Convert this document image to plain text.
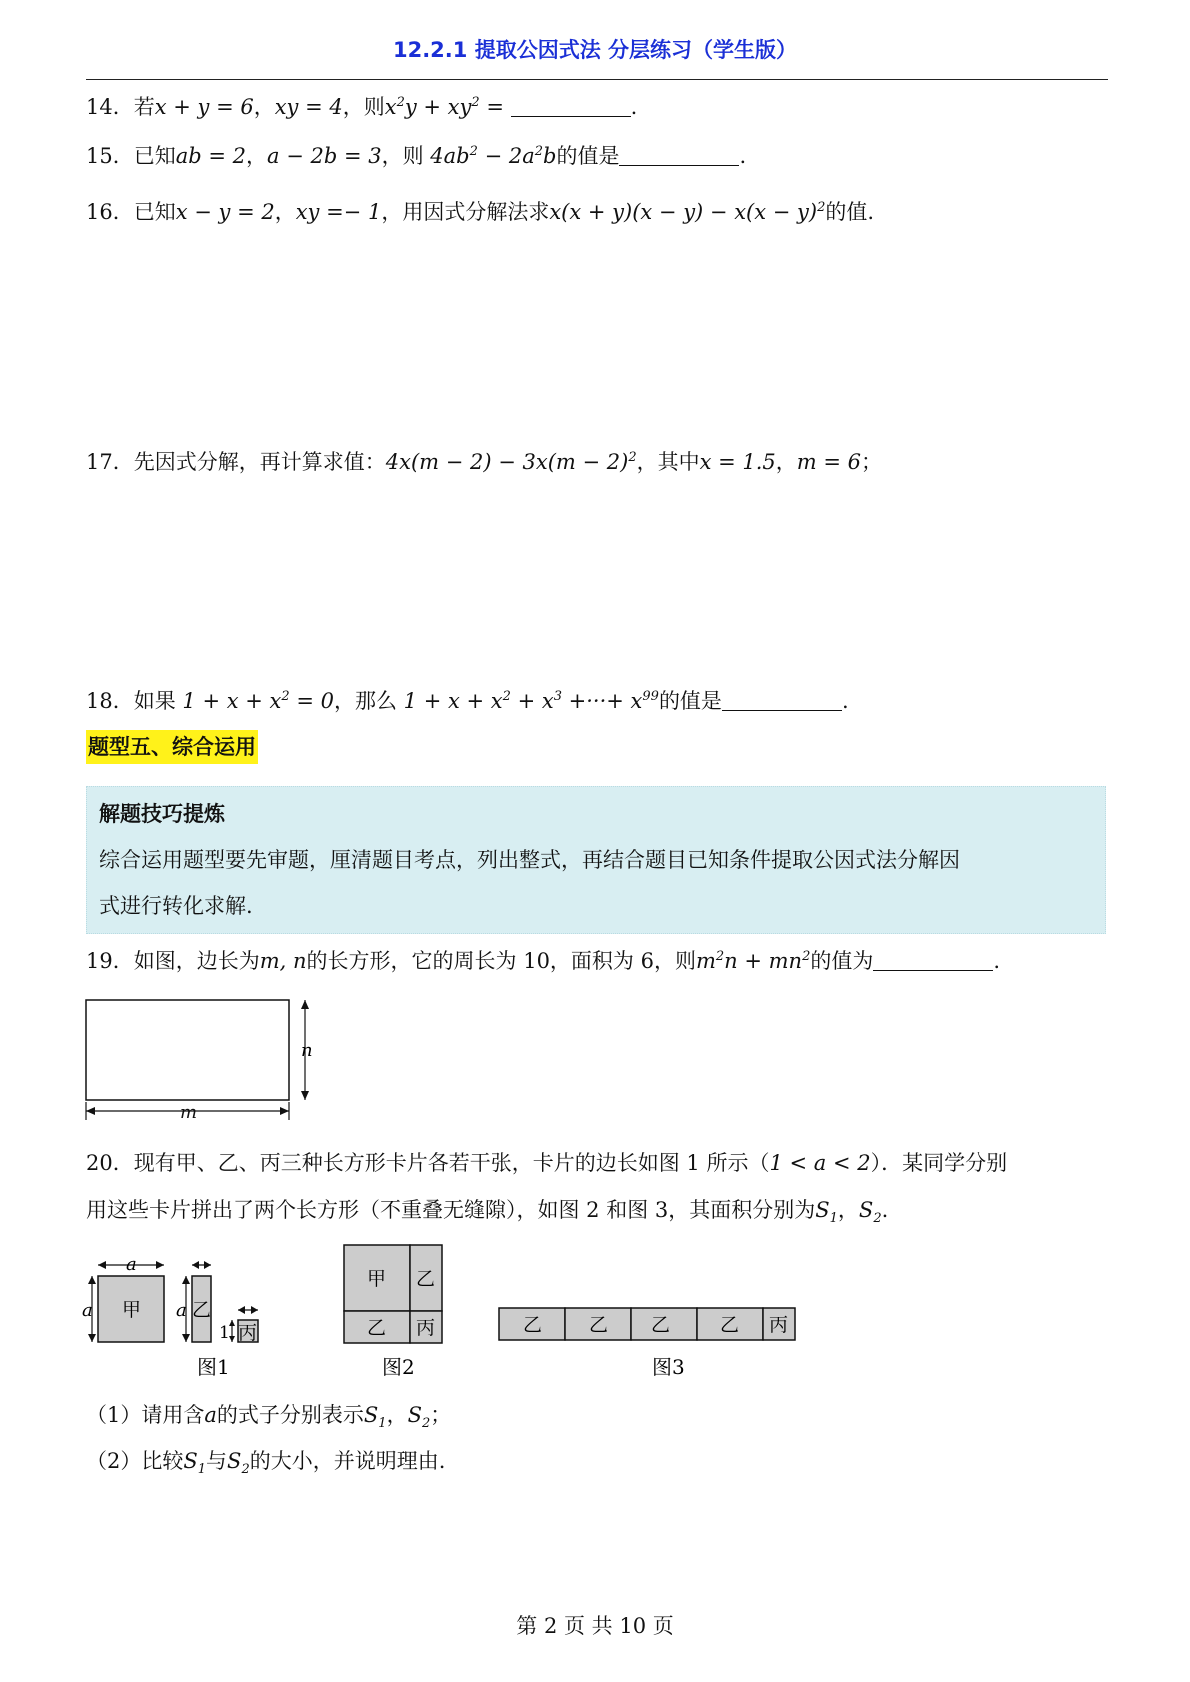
12.2.1 提取公因式法 分层练习（学生版）
14．若x + y = 6，xy = 4，则$x^2y + xy^2$ =	.
15．已知ab = 2，a − 2b = 3，则 $4ab^2 - 2a^2b$的值是	.
16．已知x − y = 2，xy =− 1，用因式分解法求$x(x + y)(x - y) - x(x - y)^2$的值.
17．先因式分解，再计算求值：$4x(m - 2) - 3x(m - 2)^2$，其中x = 1.5，m = 6；
18．如果 $1 + x + x^2 = 0$，那么 $1 + x + x^2 + x^3$ +···+ $x^{99}$的值是	.
题型五、综合运用
解题技巧提炼
综合运用题型要先审题，厘清题目考点，列出整式，再结合题目已知条件提取公因式法分解因
式进行转化求解.
19．如图，边长为m, n的长方形，它的周长为 10，面积为 6，则$m^2n + mn^2$的值为	.
n
m
20．现有甲、乙、丙三种长方形卡片各若干张，卡片的边长如图 1 所示（1 < a < 2）．某同学分别
用这些卡片拼出了两个长方形（不重叠无缝隙），如图 2 和图 3，其面积分别为$S_1$，$S_2$.
a
甲
a	乙
a
丙
1
图1
甲 乙
乙 丙
图2
乙 乙 乙	乙 丙
图3
（1）请用含a的式子分别表示$S_1$，$S_2$；
（2）比较$S_1$与$S_2$的大小，并说明理由.
第 2 页 共 10 页
